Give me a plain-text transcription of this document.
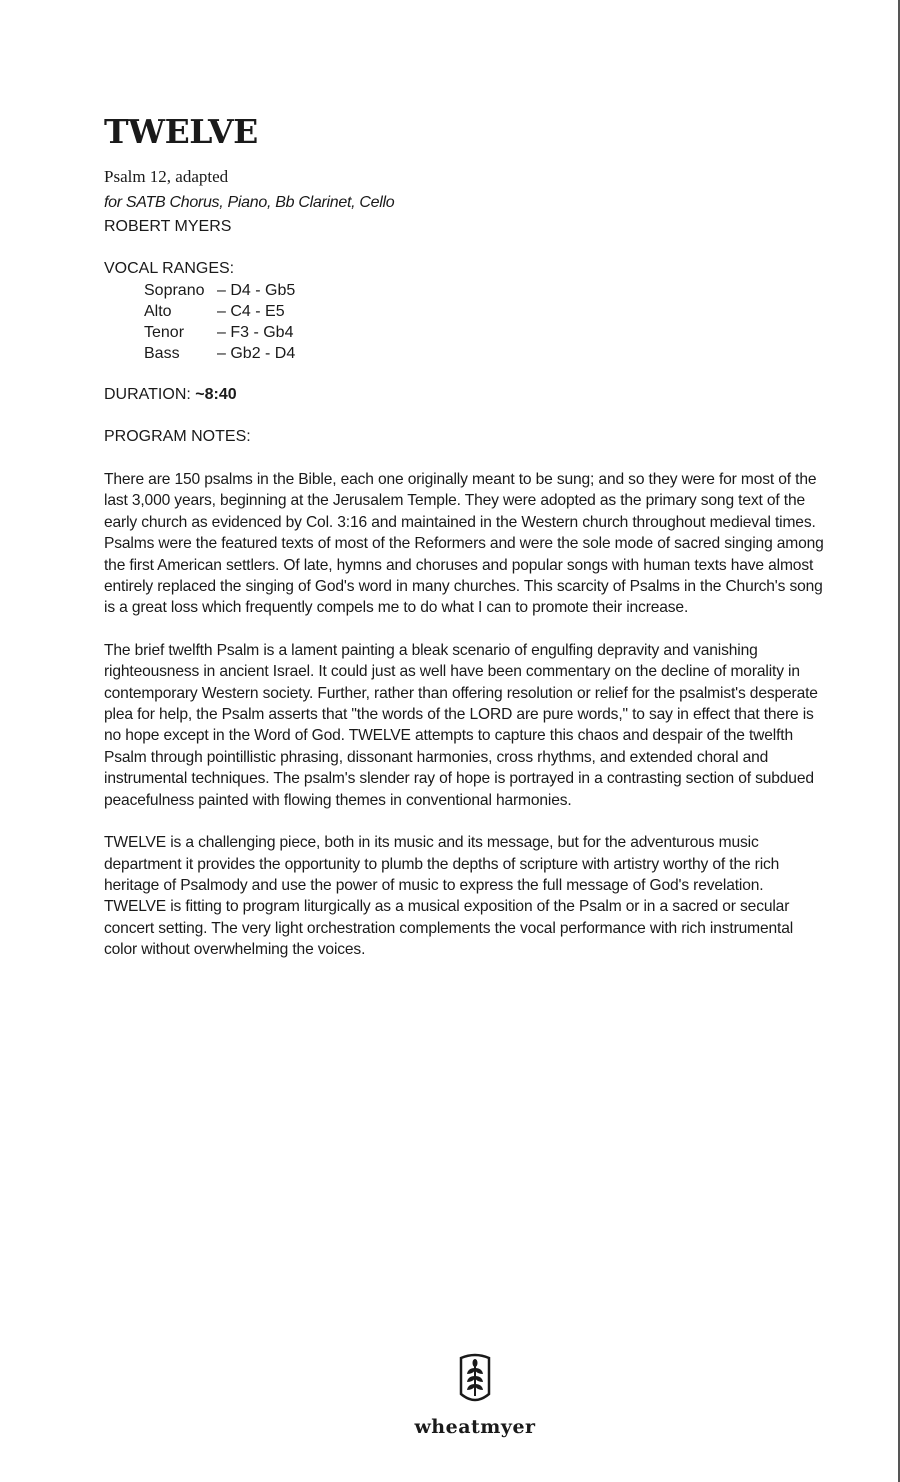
TWELVE

Psalm 12, adapted

for SATB Chorus, Piano, Bb Clarinet, Cello

ROBERT MYERS

VOCAL RANGES:

Soprano – D4 - Gb5
Alto	– C4 - E5
Tenor	– F3 - Gb4
Bass	– Gb2 - D4

DURATION: ~8:40

PROGRAM NOTES:

There are 150 psalms in the Bible, each one originally meant to be sung; and so they were for most of the last 3,000 years, beginning at the Jerusalem Temple. They were adopted as the primary song text of the early church as evidenced by Col. 3:16 and maintained in the Western church throughout medieval times. Psalms were the featured texts of most of the Reformers and were the sole mode of sacred singing among the first American settlers. Of late, hymns and choruses and popular songs with human texts have almost entirely replaced the singing of God's word in many churches. This scarcity of Psalms in the Church's song is a great loss which frequently compels me to do what I can to promote their increase.

The brief twelfth Psalm is a lament painting a bleak scenario of engulfing depravity and vanishing righteousness in ancient Israel. It could just as well have been commentary on the decline of morality in contemporary Western society. Further, rather than offering resolution or relief for the psalmist's desperate plea for help, the Psalm asserts that "the words of the LORD are pure words," to say in effect that there is no hope except in the Word of God. TWELVE attempts to capture this chaos and despair of the twelfth Psalm through pointillistic phrasing, dissonant harmonies, cross rhythms, and extended choral and instrumental techniques. The psalm's slender ray of hope is portrayed in a contrasting section of subdued peacefulness painted with flowing themes in conventional harmonies.

TWELVE is a challenging piece, both in its music and its message, but for the adventurous music department it provides the opportunity to plumb the depths of scripture with artistry worthy of the rich heritage of Psalmody and use the power of music to express the full message of God's revelation. TWELVE is fitting to program liturgically as a musical exposition of the Psalm or in a sacred or secular concert setting. The very light orchestration complements the vocal performance with rich instrumental color without overwhelming the voices.

wheatmyer
